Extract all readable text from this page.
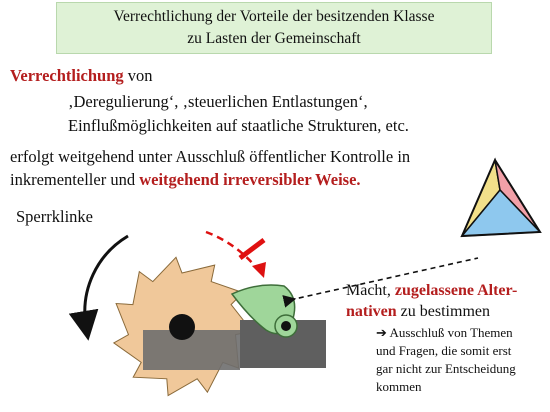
Verrechtlichung der Vorteile der besitzenden Klasse
zu Lasten der Gemeinschaft
Verrechtlichung von
‚Deregulierung‘, ‚steuerlichen Entlastungen‘,
Einflußmöglichkeiten auf staatliche Strukturen, etc.
erfolgt weitgehend unter Ausschluß öffentlicher Kontrolle in
inkrementeller und weitgehend irreversibler Weise.
Sperrklinke
Macht, zugelassene Alter-
nativen zu bestimmen
➔ Ausschluß von Themen
und Fragen, die somit erst
gar nicht zur Entscheidung
kommen
